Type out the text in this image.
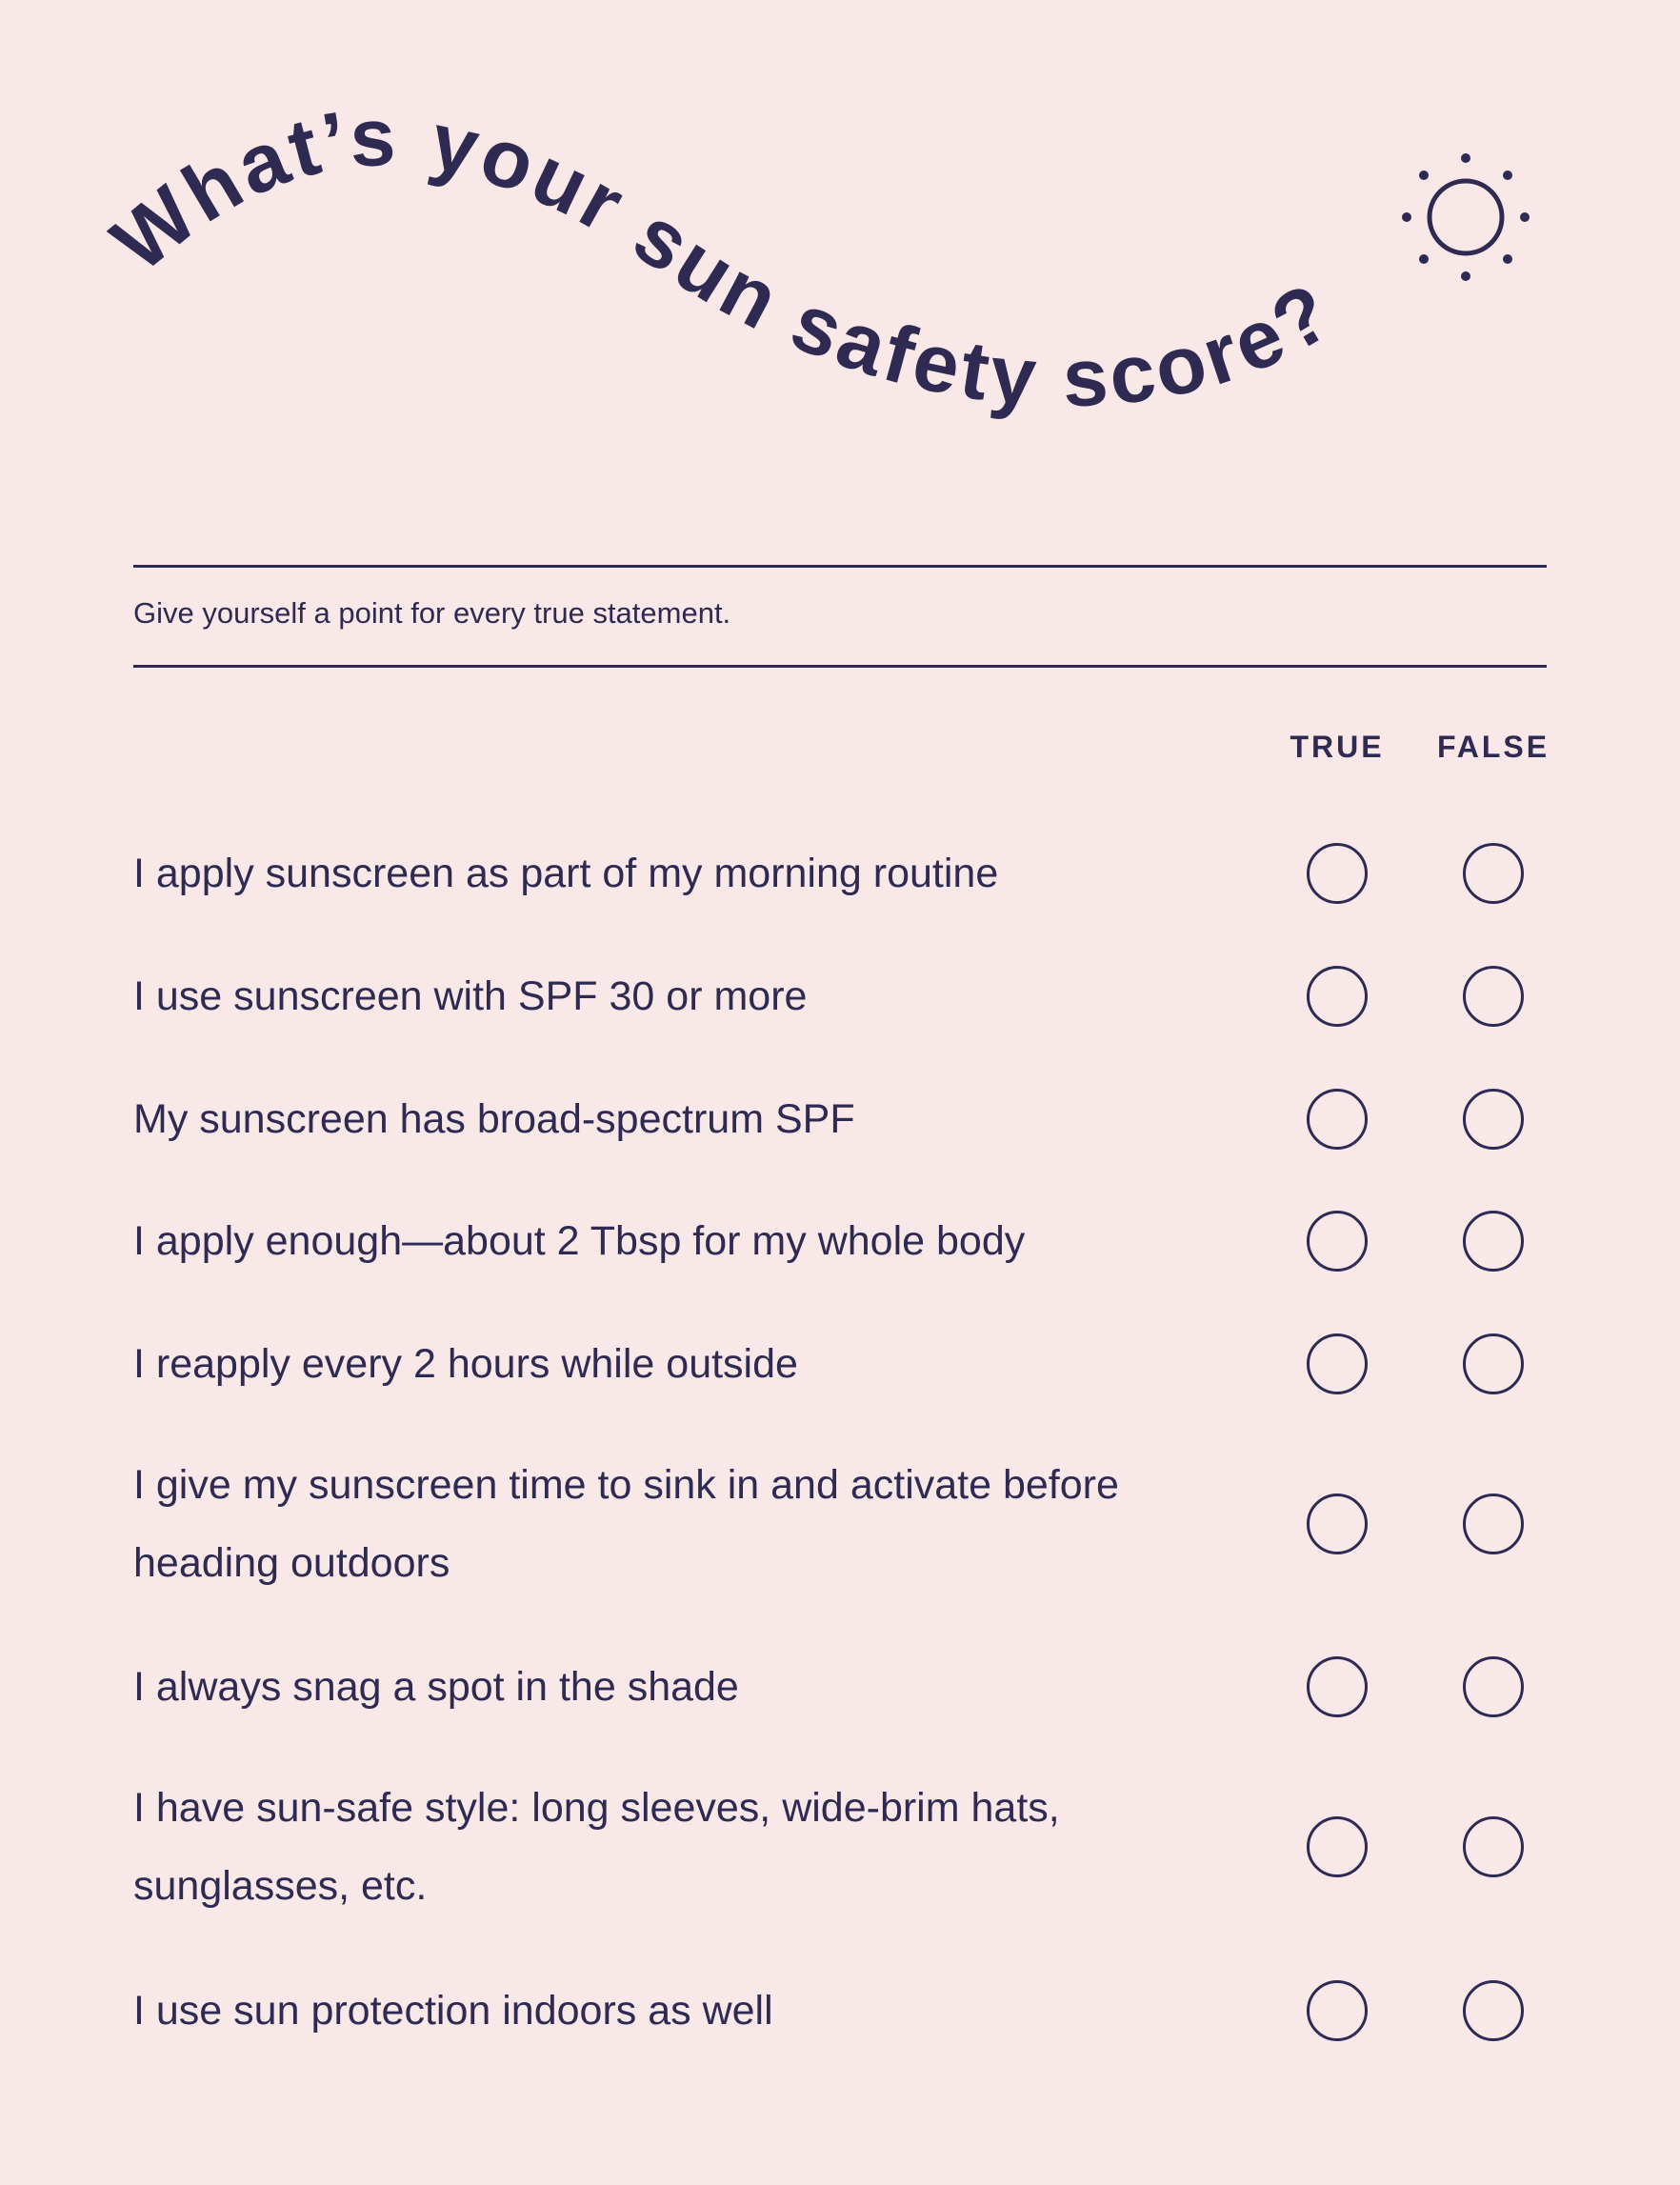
What’s your sun safety score?
Give yourself a point for every true statement.
TRUE FALSE
I apply sunscreen as part of my morning routine
I use sunscreen with SPF 30 or more
My sunscreen has broad-spectrum SPF
I apply enough—about 2 Tbsp for my whole body
I reapply every 2 hours while outside
I give my sunscreen time to sink in and activate before heading outdoors
I always snag a spot in the shade
I have sun-safe style: long sleeves, wide-brim hats, sunglasses, etc.
I use sun protection indoors as well
